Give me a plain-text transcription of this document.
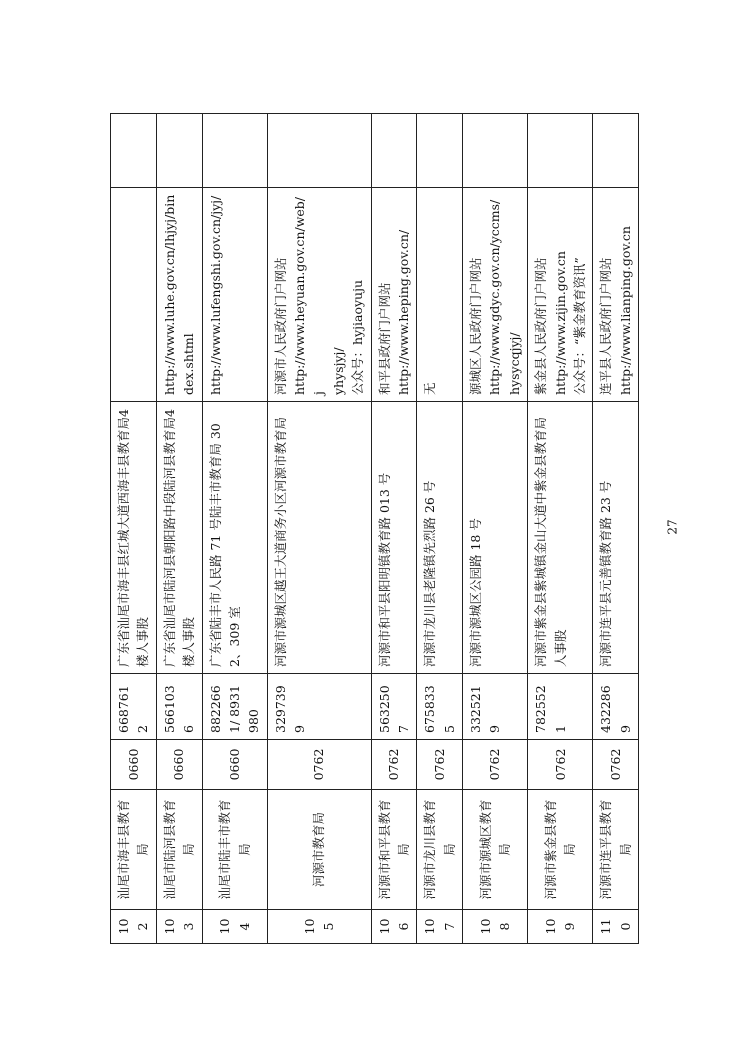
102	汕尾市海丰县教育局	0660	6687612	广东省汕尾市海丰县红城大道西海丰县教育局4楼人事股		
103	汕尾市陆河县教育局	0660	5661036	广东省汕尾市陆河县朝阳路中段陆河县教育局4楼人事股	http://www.luhe.gov.cn/lhjyj/bin dex.shtml	

104	汕尾市陆丰市教育局	0660	8822661/ 8931980	广东省陆丰市人民路 71 号陆丰市教育局 302、309 室	http://www.lufengshi.gov.cn/jyj/	

105	河源市教育局	0762	3297399	河源市源城区越王大道商务小区河源市教育局	河源市人民政府门户网站 http://www.heyuan.gov.cn/web/j yhysjyj/ 公众号：hyjiaoyuju	

106	河源市和平县教育局	0762	5632507	河源市和平县阳明镇教育路 013 号	和平县政府门户网站 http://www.heping.gov.cn/	

107	河源市龙川县教育局	0762	6758335	河源市龙川县老隆镇先烈路 26 号	无	

108	河源市源城区教育局	0762	3325219	河源市源城区公园路 18 号	源城区人民政府门户网站 http://www.gdyc.gov.cn/yccms/ hysycqjyj/	

109	河源市紫金县教育局	0762	7825521	河源市紫金县紫城镇金山大道中紫金县教育局人事股	紫金县人民政府门户网站 http://www.zijin.gov.cn 公众号：“紫金教育资讯”	

110	河源市连平县教育局	0762	4322869	河源市连平县元善镇教育路 23 号	连平县人民政府门户网站 http://www.lianping.gov.cn	

27
